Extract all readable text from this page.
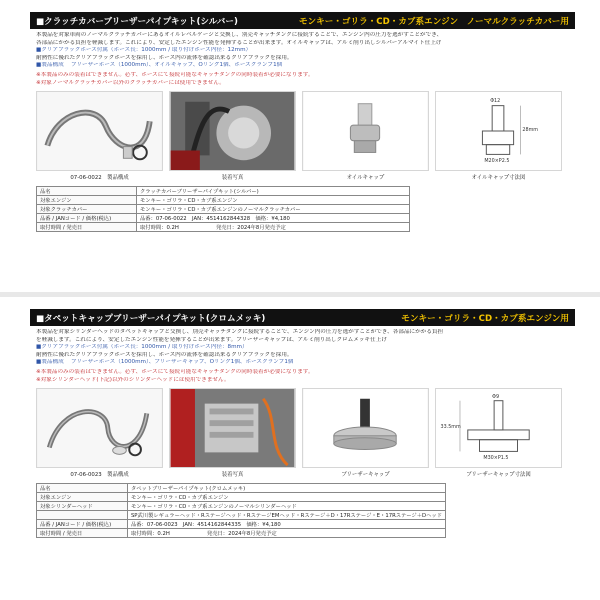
■クラッチカバーブリーザーパイプキット(シルバー)	モンキー・ゴリラ・CD・カブ系エンジン　ノーマルクラッチカバー用

本製品を対象車両のノーマルクラッチカバーにあるオイルレベルゲージと交換し、別売キャッチタンクに接続することで、エンジン内の圧力を逃がすことができ、

各部品にかかる負担を軽減します。これにより、安定したエンジン性能を発揮することが出来ます。オイルキャップは、アルミ削り出しシルバーアルマイト仕上げ

■クリアブラックホース付属（ホース長：1000mm / 取り付けホース内径：12mm）

耐熱性に優れたクリアブラックホースを採用し、ホース内の流体を確認出来るクリアブラックを採用。

■製品構成　 ブリーザーホース（1000mm）、オイルキャップ、Oリング1個、ホースクランプ1個

※本製品のみの装着はできません。必ず、ホースにて接続可能なキャッチタンクの同時装着が必要になります。

※対象ノーマルクラッチカバー以外のクラッチカバーには使用できません。

07-06-0022　製品構成	装着写真	オイルキャップ
Φ12
28mm
M20×P2.5
オイルキャップ寸法図
品名	クラッチカバーブリーザーパイプキット(シルバー)
対象エンジン	モンキー・ゴリラ・CD・カブ系エンジン
対象クラッチカバー	モンキー・ゴリラ・CD・カブ系エンジンのノーマルクラッチカバー
品番 / JANコード / 価格(税込)	品番：07-06-0022　JAN：4514162844328　価格：¥4,180
取付時間 / 発売日	取付時間：0.2H　　　　　　　発売日：2024年8月発売予定
■タペットキャップブリーザーパイプキット(クロムメッキ)	モンキー・ゴリラ・CD・カブ系エンジン用

本製品を対象シリンダーヘッドのタペットキャップと交換し、別売キャッチタンクに接続することで、エンジン内の圧力を逃がすことができ、各部品にかかる負担

を軽減します。これにより、安定したエンジン性能を発揮することが出来ます。ブリーザーキャップは、アルミ削り出しクロムメッキ仕上げ

■クリアブラックホース付属（ホース長：1000mm / 取り付けホース内径：8mm）

耐熱性に優れたクリアブラックホースを採用し、ホース内の流体を確認出来るクリアブラックを採用。

■製品構成　 ブリーザーホース（1000mm）、ブリーザーキャップ、Oリング1個、ホースクランプ1個

※本製品のみの装着はできません。必ず、ホースにて接続可能なキャッチタンクの同時装着が必要になります。

※対象シリンダーヘッド(下記)以外のシリンダーヘッドには使用できません。

07-06-0023　製品構成	装着写真	ブリーザーキャップ
Φ9
33.5mm
M30×P1.5
ブリーザーキャップ寸法図
品名	タペットブリーザーパイプキット(クロムメッキ)
対象エンジン	モンキー・ゴリラ・CD・カブ系エンジン
対象シリンダーヘッド	モンキー・ゴリラ・CD・カブ系エンジンのノーマルシリンダーヘッド
	SP武川製レギュラーヘッド・Rステージヘッド・RステージEMヘッド・Rステージ＋D・17Rステージ・E・17Rステージ＋Dヘッド
品番 / JANコード / 価格(税込)	品番：07-06-0023　JAN：4514162844335　価格：¥4,180
取付時間 / 発売日	取付時間：0.2H　　　　　　　発売日：2024年8月発売予定
